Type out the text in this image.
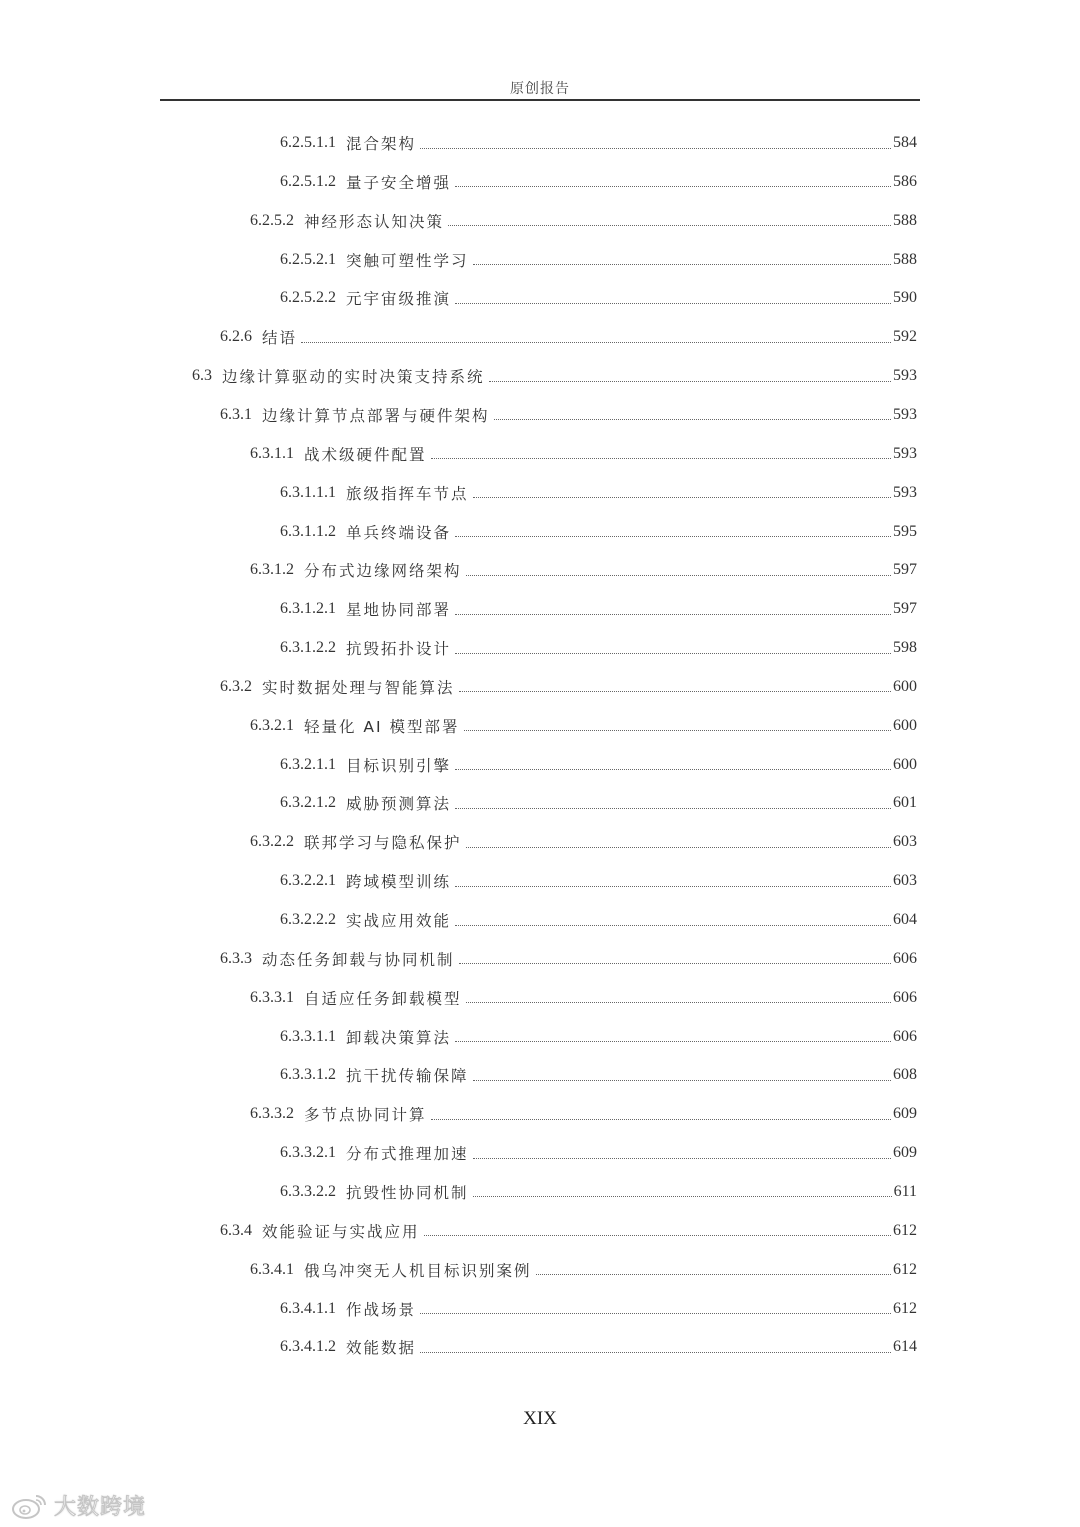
原创报告
6.2.5.1.1 混合架构	584
6.2.5.1.2 量子安全增强	586
6.2.5.2 神经形态认知决策	588
6.2.5.2.1 突触可塑性学习	588
6.2.5.2.2 元宇宙级推演	590
6.2.6 结语	592
6.3 边缘计算驱动的实时决策支持系统	593
6.3.1 边缘计算节点部署与硬件架构	593
6.3.1.1 战术级硬件配置	593
6.3.1.1.1 旅级指挥车节点	593
6.3.1.1.2 单兵终端设备	595
6.3.1.2 分布式边缘网络架构	597
6.3.1.2.1 星地协同部署	597
6.3.1.2.2 抗毁拓扑设计	598
6.3.2 实时数据处理与智能算法	600
6.3.2.1 轻量化 AI 模型部署	600
6.3.2.1.1 目标识别引擎	600
6.3.2.1.2 威胁预测算法	601
6.3.2.2 联邦学习与隐私保护	603
6.3.2.2.1 跨域模型训练	603
6.3.2.2.2 实战应用效能	604
6.3.3 动态任务卸载与协同机制	606
6.3.3.1 自适应任务卸载模型	606
6.3.3.1.1 卸载决策算法	606
6.3.3.1.2 抗干扰传输保障	608
6.3.3.2 多节点协同计算	609
6.3.3.2.1 分布式推理加速	609
6.3.3.2.2 抗毁性协同机制	611
6.3.4 效能验证与实战应用	612
6.3.4.1 俄乌冲突无人机目标识别案例	612
6.3.4.1.1 作战场景	612
6.3.4.1.2 效能数据	614
XIX
大数跨境
